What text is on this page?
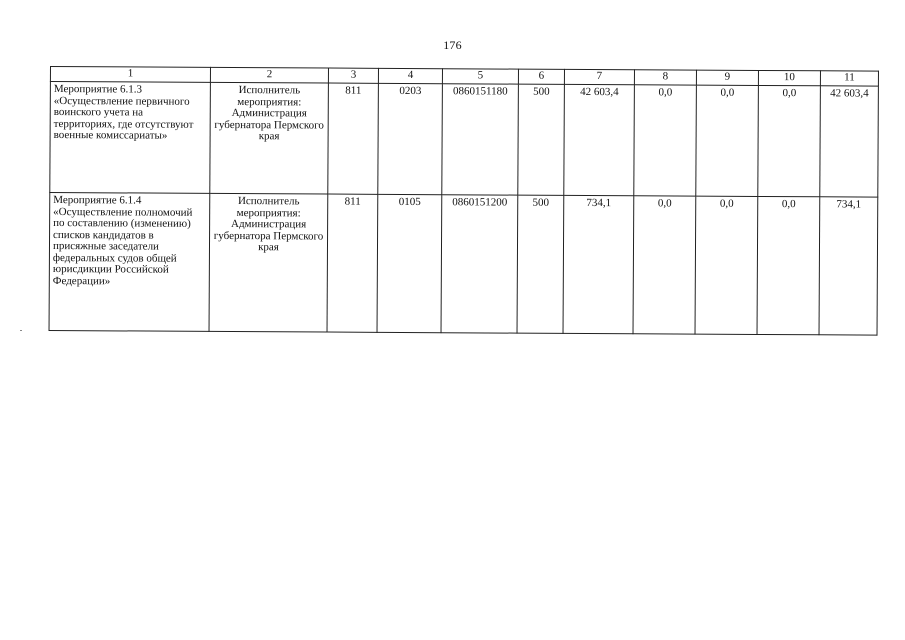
176
1	2	3	4	5	6	7	8	9	10	11
Мероприятие 6.1.3 «Осуществление первичного воинского учета на территориях, где отсутствуют военные комиссариаты»	Исполнитель мероприятия: Администрация губернатора Пермского края	811	0203	0860151180	500	42 603,4	0,0	0,0	0,0	42 603,4
Мероприятие 6.1.4 «Осуществление полномочий по составлению (изменению) списков кандидатов в присяжные заседатели федеральных судов общей юрисдикции Российской Федерации»	Исполнитель мероприятия: Администрация губернатора Пермского края	811	0105	0860151200	500	734,1	0,0	0,0	0,0	734,1
